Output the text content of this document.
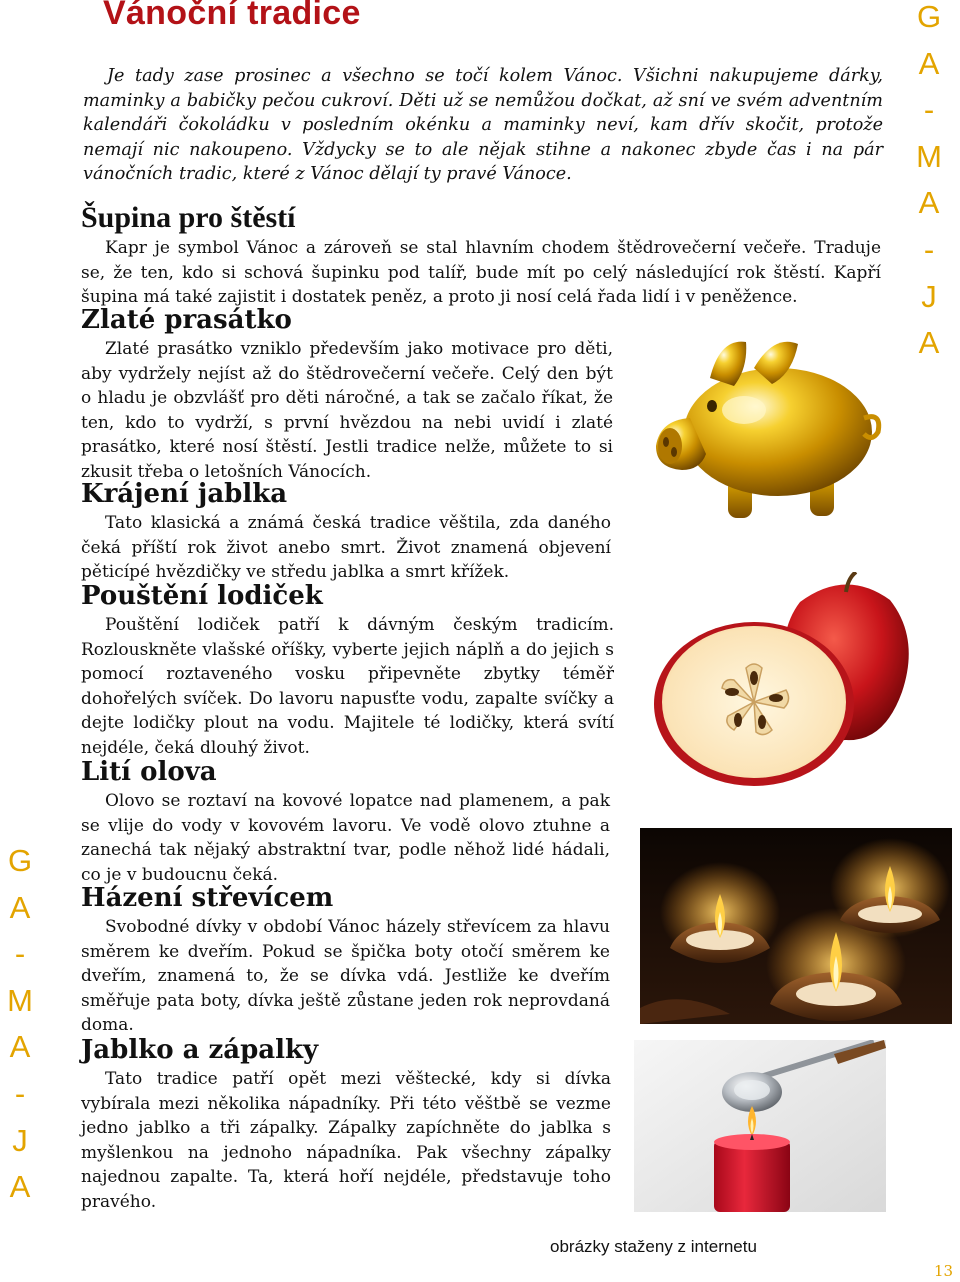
Vánoční tradice

Je tady zase prosinec a všechno se točí kolem Vánoc. Všichni nakupujeme dárky, maminky a babičky pečou cukroví. Děti už se nemůžou dočkat, až sní ve svém adventním kalendáři čokoládku v posledním okénku a maminky neví, kam dřív skočit, protože nemají nic nakoupeno. Vždycky se to ale nějak stihne a nakonec zbyde čas i na pár vánočních tradic, které z Vánoc dělají ty pravé Vánoce.

Šupina pro štěstí

Kapr je symbol Vánoc a zároveň se stal hlavním chodem štědrovečerní večeře. Traduje se, že ten, kdo si schová šupinku pod talíř, bude mít po celý následující rok štěstí. Kapří šupina má také zajistit i dostatek peněz, a proto ji nosí celá řada lidí i v peněžence.

Zlaté prasátko

Zlaté prasátko vzniklo především jako motivace pro děti, aby vydržely nejíst až do štědrovečerní večeře. Celý den být o hladu je obzvlášť pro děti náročné, a tak se začalo říkat, že ten, kdo to vydrží, s první hvězdou na nebi uvidí i zlaté prasátko, které nosí štěstí. Jestli tradice nelže, můžete to si zkusit třeba o letošních Vánocích.

Krájení jablka

Tato klasická a známá česká tradice věštila, zda daného čeká příští rok život anebo smrt. Život znamená objevení pěticípé hvězdičky ve středu jablka a smrt křížek.

Pouštění lodiček

Pouštění lodiček patří k dávným českým tradicím. Rozlouskněte vlašské oříšky, vyberte jejich náplň a do jejich s pomocí roztaveného vosku připevněte zbytky téměř dohořelých svíček. Do lavoru napusťte vodu, zapalte svíčky a dejte lodičky plout na vodu. Majitele té lodičky, která svítí nejdéle, čeká dlouhý život.

Lití olova

Olovo se roztaví na kovové lopatce nad plamenem, a pak se vlije do vody v kovovém lavoru. Ve vodě olovo ztuhne a zanechá tak nějaký abstraktní tvar, podle něhož lidé hádali, co je v budoucnu čeká.

Házení střevícem

Svobodné dívky v období Vánoc házely střevícem za hlavu směrem ke dveřím. Pokud se špička boty otočí směrem ke dveřím, znamená to, že se dívka vdá. Jestliže ke dveřím směřuje pata boty, dívka ještě zůstane jeden rok neprovdaná doma.

Jablko a zápalky

Tato tradice patří opět mezi věštecké, kdy si dívka vybírala mezi několika nápadníky. Při této věštbě se vezme jedno jablko a tři zápalky. Zápalky zapíchněte do jablka s myšlenkou na jednoho nápadníka. Pak všechny zápalky najednou zapalte. Ta, která hoří nejdéle, představuje toho pravého.

G
A
-
M
A
-
J
A
G
A
-
M
A
-
J
A

obrázky staženy z internetu

13
